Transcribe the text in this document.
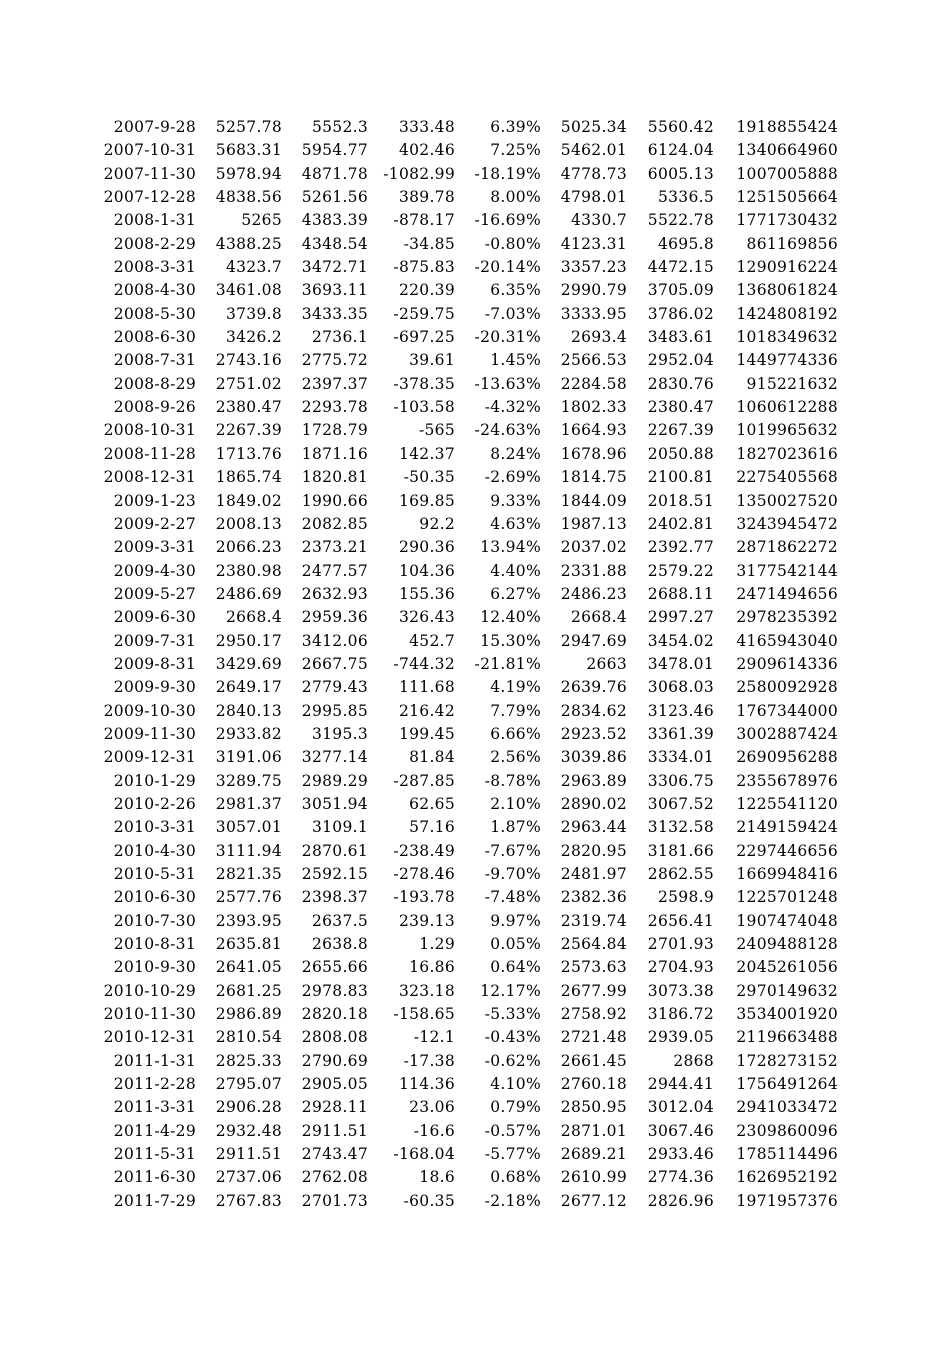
2007-9-28	5257.78	5552.3	333.48	6.39%	5025.34	5560.42	1918855424
2007-10-31	5683.31	5954.77	402.46	7.25%	5462.01	6124.04	1340664960
2007-11-30	5978.94	4871.78	-1082.99	-18.19%	4778.73	6005.13	1007005888
2007-12-28	4838.56	5261.56	389.78	8.00%	4798.01	5336.5	1251505664
2008-1-31	5265	4383.39	-878.17	-16.69%	4330.7	5522.78	1771730432
2008-2-29	4388.25	4348.54	-34.85	-0.80%	4123.31	4695.8	861169856
2008-3-31	4323.7	3472.71	-875.83	-20.14%	3357.23	4472.15	1290916224
2008-4-30	3461.08	3693.11	220.39	6.35%	2990.79	3705.09	1368061824
2008-5-30	3739.8	3433.35	-259.75	-7.03%	3333.95	3786.02	1424808192
2008-6-30	3426.2	2736.1	-697.25	-20.31%	2693.4	3483.61	1018349632
2008-7-31	2743.16	2775.72	39.61	1.45%	2566.53	2952.04	1449774336
2008-8-29	2751.02	2397.37	-378.35	-13.63%	2284.58	2830.76	915221632
2008-9-26	2380.47	2293.78	-103.58	-4.32%	1802.33	2380.47	1060612288
2008-10-31	2267.39	1728.79	-565	-24.63%	1664.93	2267.39	1019965632
2008-11-28	1713.76	1871.16	142.37	8.24%	1678.96	2050.88	1827023616
2008-12-31	1865.74	1820.81	-50.35	-2.69%	1814.75	2100.81	2275405568
2009-1-23	1849.02	1990.66	169.85	9.33%	1844.09	2018.51	1350027520
2009-2-27	2008.13	2082.85	92.2	4.63%	1987.13	2402.81	3243945472
2009-3-31	2066.23	2373.21	290.36	13.94%	2037.02	2392.77	2871862272
2009-4-30	2380.98	2477.57	104.36	4.40%	2331.88	2579.22	3177542144
2009-5-27	2486.69	2632.93	155.36	6.27%	2486.23	2688.11	2471494656
2009-6-30	2668.4	2959.36	326.43	12.40%	2668.4	2997.27	2978235392
2009-7-31	2950.17	3412.06	452.7	15.30%	2947.69	3454.02	4165943040
2009-8-31	3429.69	2667.75	-744.32	-21.81%	2663	3478.01	2909614336
2009-9-30	2649.17	2779.43	111.68	4.19%	2639.76	3068.03	2580092928
2009-10-30	2840.13	2995.85	216.42	7.79%	2834.62	3123.46	1767344000
2009-11-30	2933.82	3195.3	199.45	6.66%	2923.52	3361.39	3002887424
2009-12-31	3191.06	3277.14	81.84	2.56%	3039.86	3334.01	2690956288
2010-1-29	3289.75	2989.29	-287.85	-8.78%	2963.89	3306.75	2355678976
2010-2-26	2981.37	3051.94	62.65	2.10%	2890.02	3067.52	1225541120
2010-3-31	3057.01	3109.1	57.16	1.87%	2963.44	3132.58	2149159424
2010-4-30	3111.94	2870.61	-238.49	-7.67%	2820.95	3181.66	2297446656
2010-5-31	2821.35	2592.15	-278.46	-9.70%	2481.97	2862.55	1669948416
2010-6-30	2577.76	2398.37	-193.78	-7.48%	2382.36	2598.9	1225701248
2010-7-30	2393.95	2637.5	239.13	9.97%	2319.74	2656.41	1907474048
2010-8-31	2635.81	2638.8	1.29	0.05%	2564.84	2701.93	2409488128
2010-9-30	2641.05	2655.66	16.86	0.64%	2573.63	2704.93	2045261056
2010-10-29	2681.25	2978.83	323.18	12.17%	2677.99	3073.38	2970149632
2010-11-30	2986.89	2820.18	-158.65	-5.33%	2758.92	3186.72	3534001920
2010-12-31	2810.54	2808.08	-12.1	-0.43%	2721.48	2939.05	2119663488
2011-1-31	2825.33	2790.69	-17.38	-0.62%	2661.45	2868	1728273152
2011-2-28	2795.07	2905.05	114.36	4.10%	2760.18	2944.41	1756491264
2011-3-31	2906.28	2928.11	23.06	0.79%	2850.95	3012.04	2941033472
2011-4-29	2932.48	2911.51	-16.6	-0.57%	2871.01	3067.46	2309860096
2011-5-31	2911.51	2743.47	-168.04	-5.77%	2689.21	2933.46	1785114496
2011-6-30	2737.06	2762.08	18.6	0.68%	2610.99	2774.36	1626952192
2011-7-29	2767.83	2701.73	-60.35	-2.18%	2677.12	2826.96	1971957376
